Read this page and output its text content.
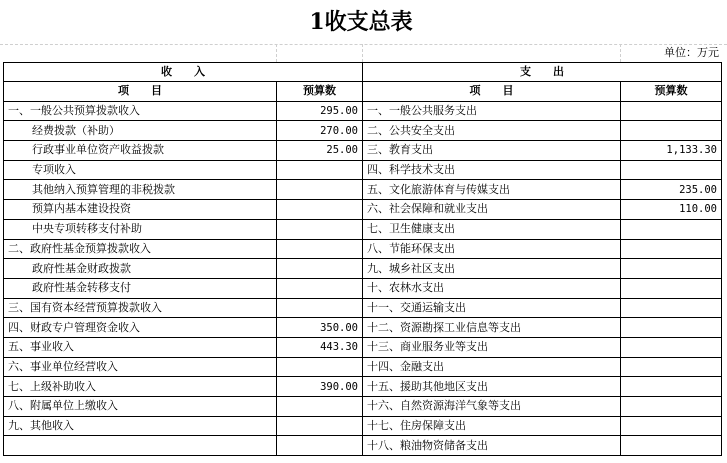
1收支总表
单位：万元
收　　入		支　　出	
项　　目	预算数	项　　目	预算数
一、一般公共预算拨款收入	295.00	一、一般公共服务支出	
经费拨款（补助）	270.00	二、公共安全支出	
行政事业单位资产收益拨款	25.00	三、教育支出	1,133.30
专项收入		四、科学技术支出	
其他纳入预算管理的非税拨款		五、文化旅游体育与传媒支出	235.00
预算内基本建设投资		六、社会保障和就业支出	110.00
中央专项转移支付补助		七、卫生健康支出	
二、政府性基金预算拨款收入		八、节能环保支出	
政府性基金财政拨款		九、城乡社区支出	
政府性基金转移支付		十、农林水支出	
三、国有资本经营预算拨款收入		十一、交通运输支出	
四、财政专户管理资金收入	350.00	十二、资源勘探工业信息等支出	
五、事业收入	443.30	十三、商业服务业等支出	
六、事业单位经营收入		十四、金融支出	
七、上级补助收入	390.00	十五、援助其他地区支出	
八、附属单位上缴收入		十六、自然资源海洋气象等支出	
九、其他收入		十七、住房保障支出	
		十八、粮油物资储备支出	
